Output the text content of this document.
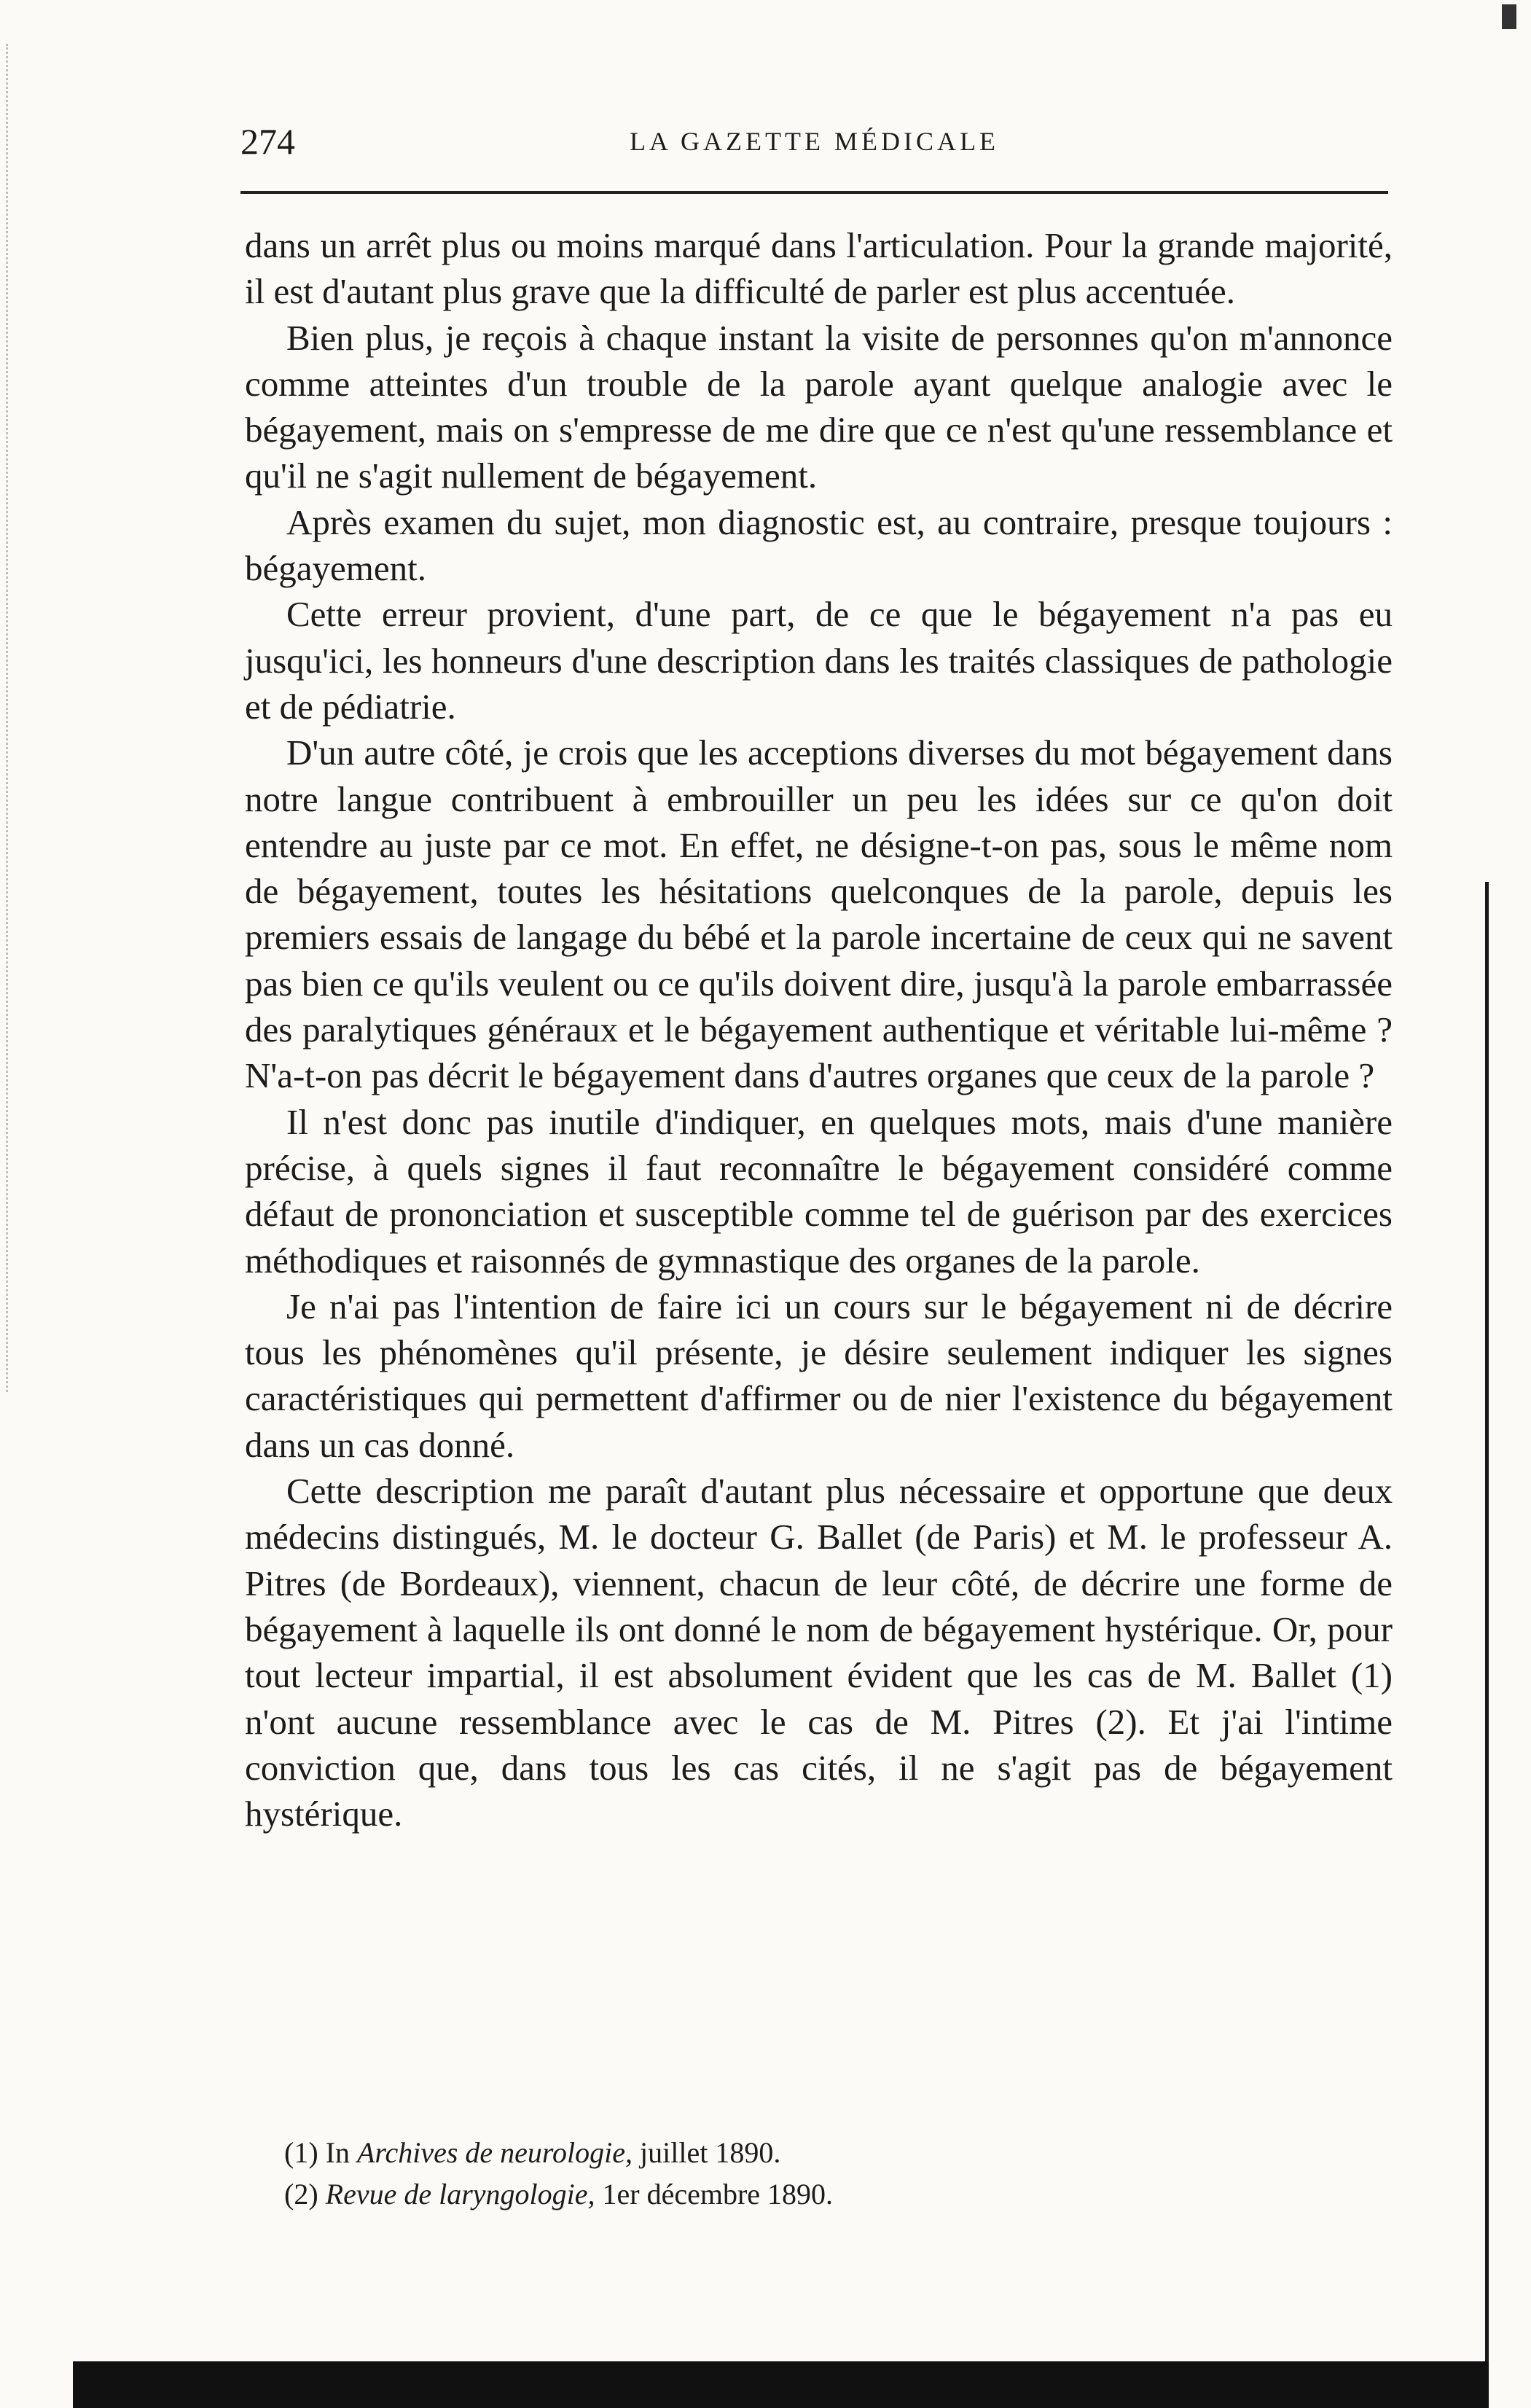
274	LA GAZETTE MÉDICALE

dans un arrêt plus ou moins marqué dans l'articulation. Pour la grande majorité, il est d'autant plus grave que la difficulté de parler est plus accentuée.

Bien plus, je reçois à chaque instant la visite de personnes qu'on m'annonce comme atteintes d'un trouble de la parole ayant quelque analogie avec le bégayement, mais on s'empresse de me dire que ce n'est qu'une ressemblance et qu'il ne s'agit nullement de bégayement.

Après examen du sujet, mon diagnostic est, au contraire, presque toujours : bégayement.

Cette erreur provient, d'une part, de ce que le bégayement n'a pas eu jusqu'ici, les honneurs d'une description dans les traités classiques de pathologie et de pédiatrie.

D'un autre côté, je crois que les acceptions diverses du mot bégayement dans notre langue contribuent à embrouiller un peu les idées sur ce qu'on doit entendre au juste par ce mot. En effet, ne désigne-t-on pas, sous le même nom de bégayement, toutes les hésitations quelconques de la parole, depuis les premiers essais de langage du bébé et la parole incertaine de ceux qui ne savent pas bien ce qu'ils veulent ou ce qu'ils doivent dire, jusqu'à la parole embarrassée des paralytiques généraux et le bégayement authentique et véritable lui-même ? N'a-t-on pas décrit le bégayement dans d'autres organes que ceux de la parole ?

Il n'est donc pas inutile d'indiquer, en quelques mots, mais d'une manière précise, à quels signes il faut reconnaître le bégayement considéré comme défaut de prononciation et susceptible comme tel de guérison par des exercices méthodiques et raisonnés de gymnastique des organes de la parole.

Je n'ai pas l'intention de faire ici un cours sur le bégayement ni de décrire tous les phénomènes qu'il présente, je désire seulement indiquer les signes caractéristiques qui permettent d'affirmer ou de nier l'existence du bégayement dans un cas donné.

Cette description me paraît d'autant plus nécessaire et opportune que deux médecins distingués, M. le docteur G. Ballet (de Paris) et M. le professeur A. Pitres (de Bordeaux), viennent, chacun de leur côté, de décrire une forme de bégayement à laquelle ils ont donné le nom de bégayement hystérique. Or, pour tout lecteur impartial, il est absolument évident que les cas de M. Ballet (1) n'ont aucune ressemblance avec le cas de M. Pitres (2). Et j'ai l'intime conviction que, dans tous les cas cités, il ne s'agit pas de bégayement hystérique.

(1) In Archives de neurologie, juillet 1890.

(2) Revue de laryngologie, 1er décembre 1890.
